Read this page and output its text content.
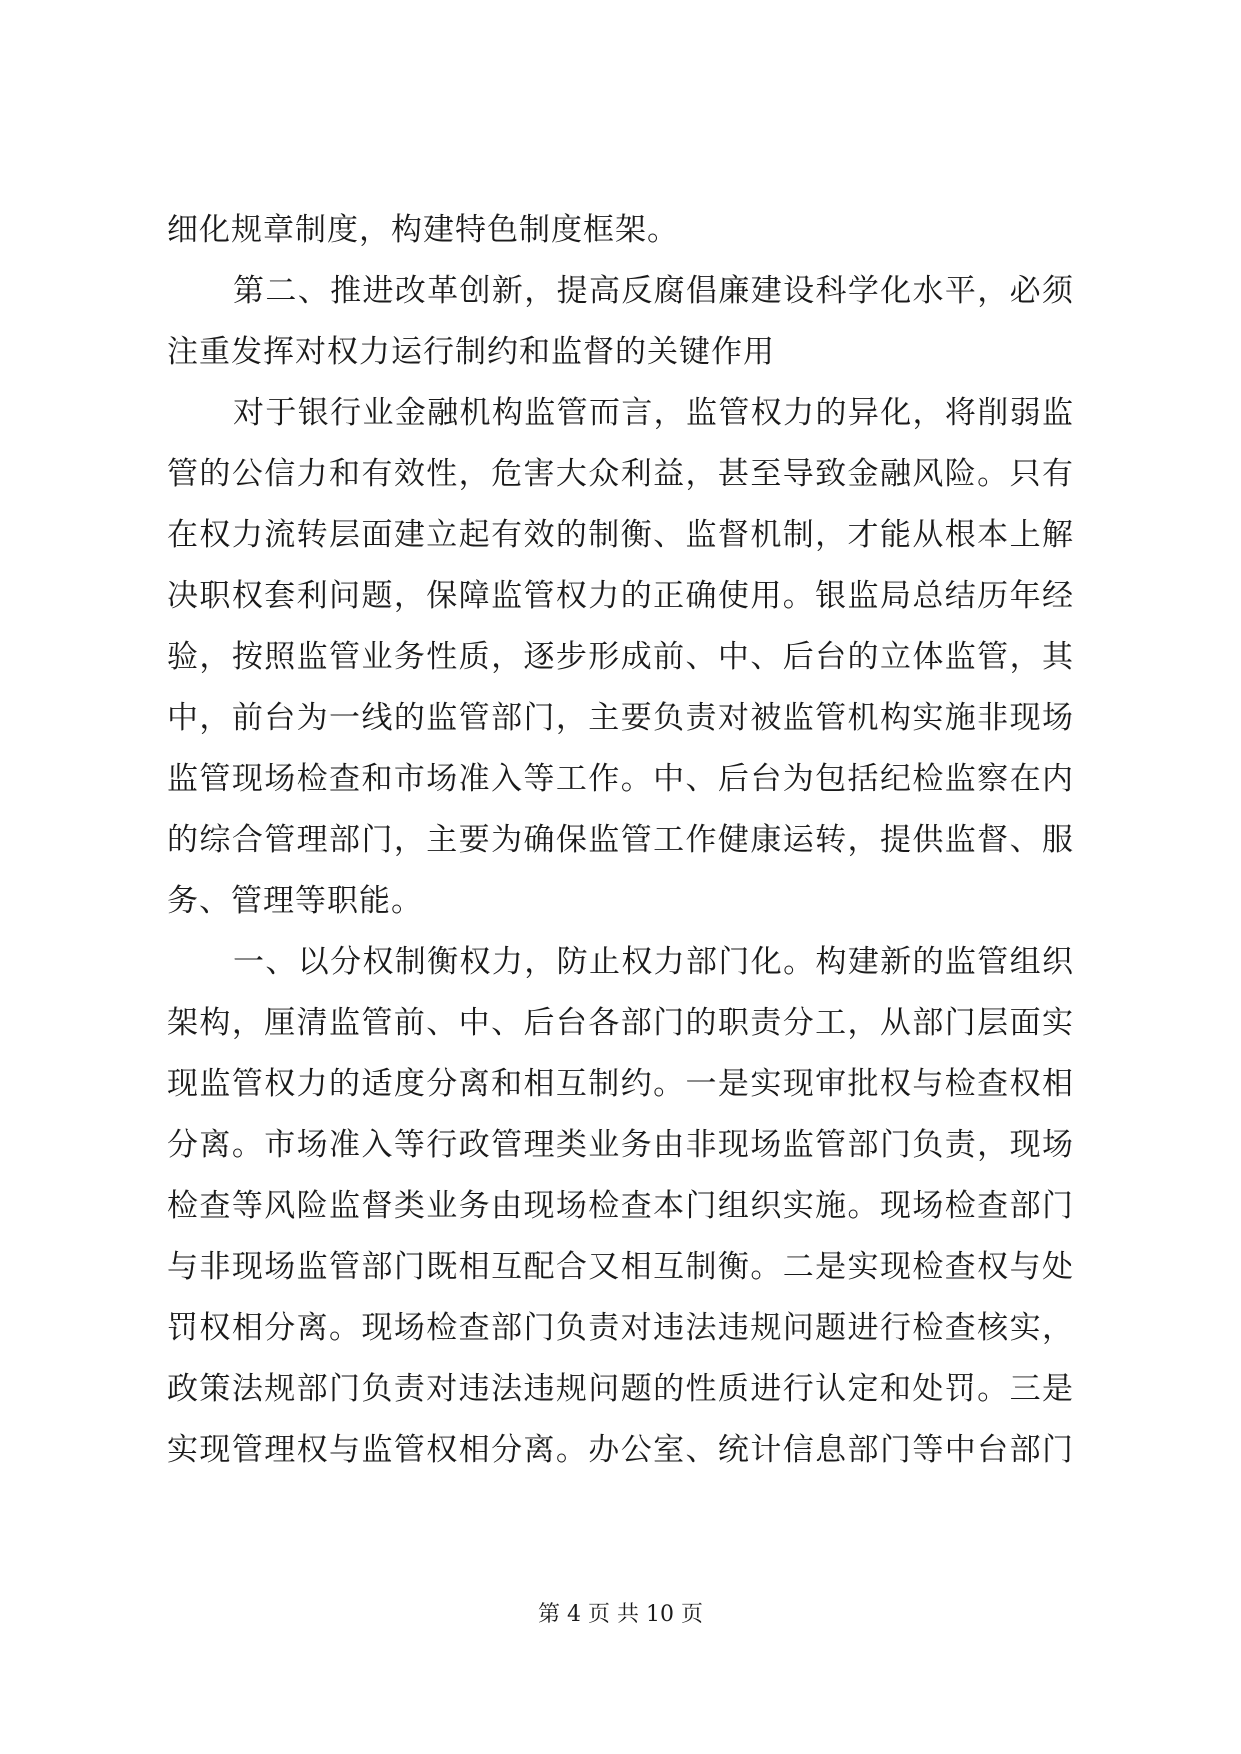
细化规章制度，构建特色制度框架。
第二、推进改革创新，提高反腐倡廉建设科学化水平，必须
注重发挥对权力运行制约和监督的关键作用
对于银行业金融机构监管而言，监管权力的异化，将削弱监
管的公信力和有效性，危害大众利益，甚至导致金融风险。只有
在权力流转层面建立起有效的制衡、监督机制，才能从根本上解
决职权套利问题，保障监管权力的正确使用。银监局总结历年经
验，按照监管业务性质，逐步形成前、中、后台的立体监管，其
中，前台为一线的监管部门，主要负责对被监管机构实施非现场
监管现场检查和市场准入等工作。中、后台为包括纪检监察在内
的综合管理部门，主要为确保监管工作健康运转，提供监督、服
务、管理等职能。
一、以分权制衡权力，防止权力部门化。构建新的监管组织
架构，厘清监管前、中、后台各部门的职责分工，从部门层面实
现监管权力的适度分离和相互制约。一是实现审批权与检查权相
分离。市场准入等行政管理类业务由非现场监管部门负责，现场
检查等风险监督类业务由现场检查本门组织实施。现场检查部门
与非现场监管部门既相互配合又相互制衡。二是实现检查权与处
罚权相分离。现场检查部门负责对违法违规问题进行检查核实，
政策法规部门负责对违法违规问题的性质进行认定和处罚。三是
实现管理权与监管权相分离。办公室、统计信息部门等中台部门
第 4 页 共 10 页
